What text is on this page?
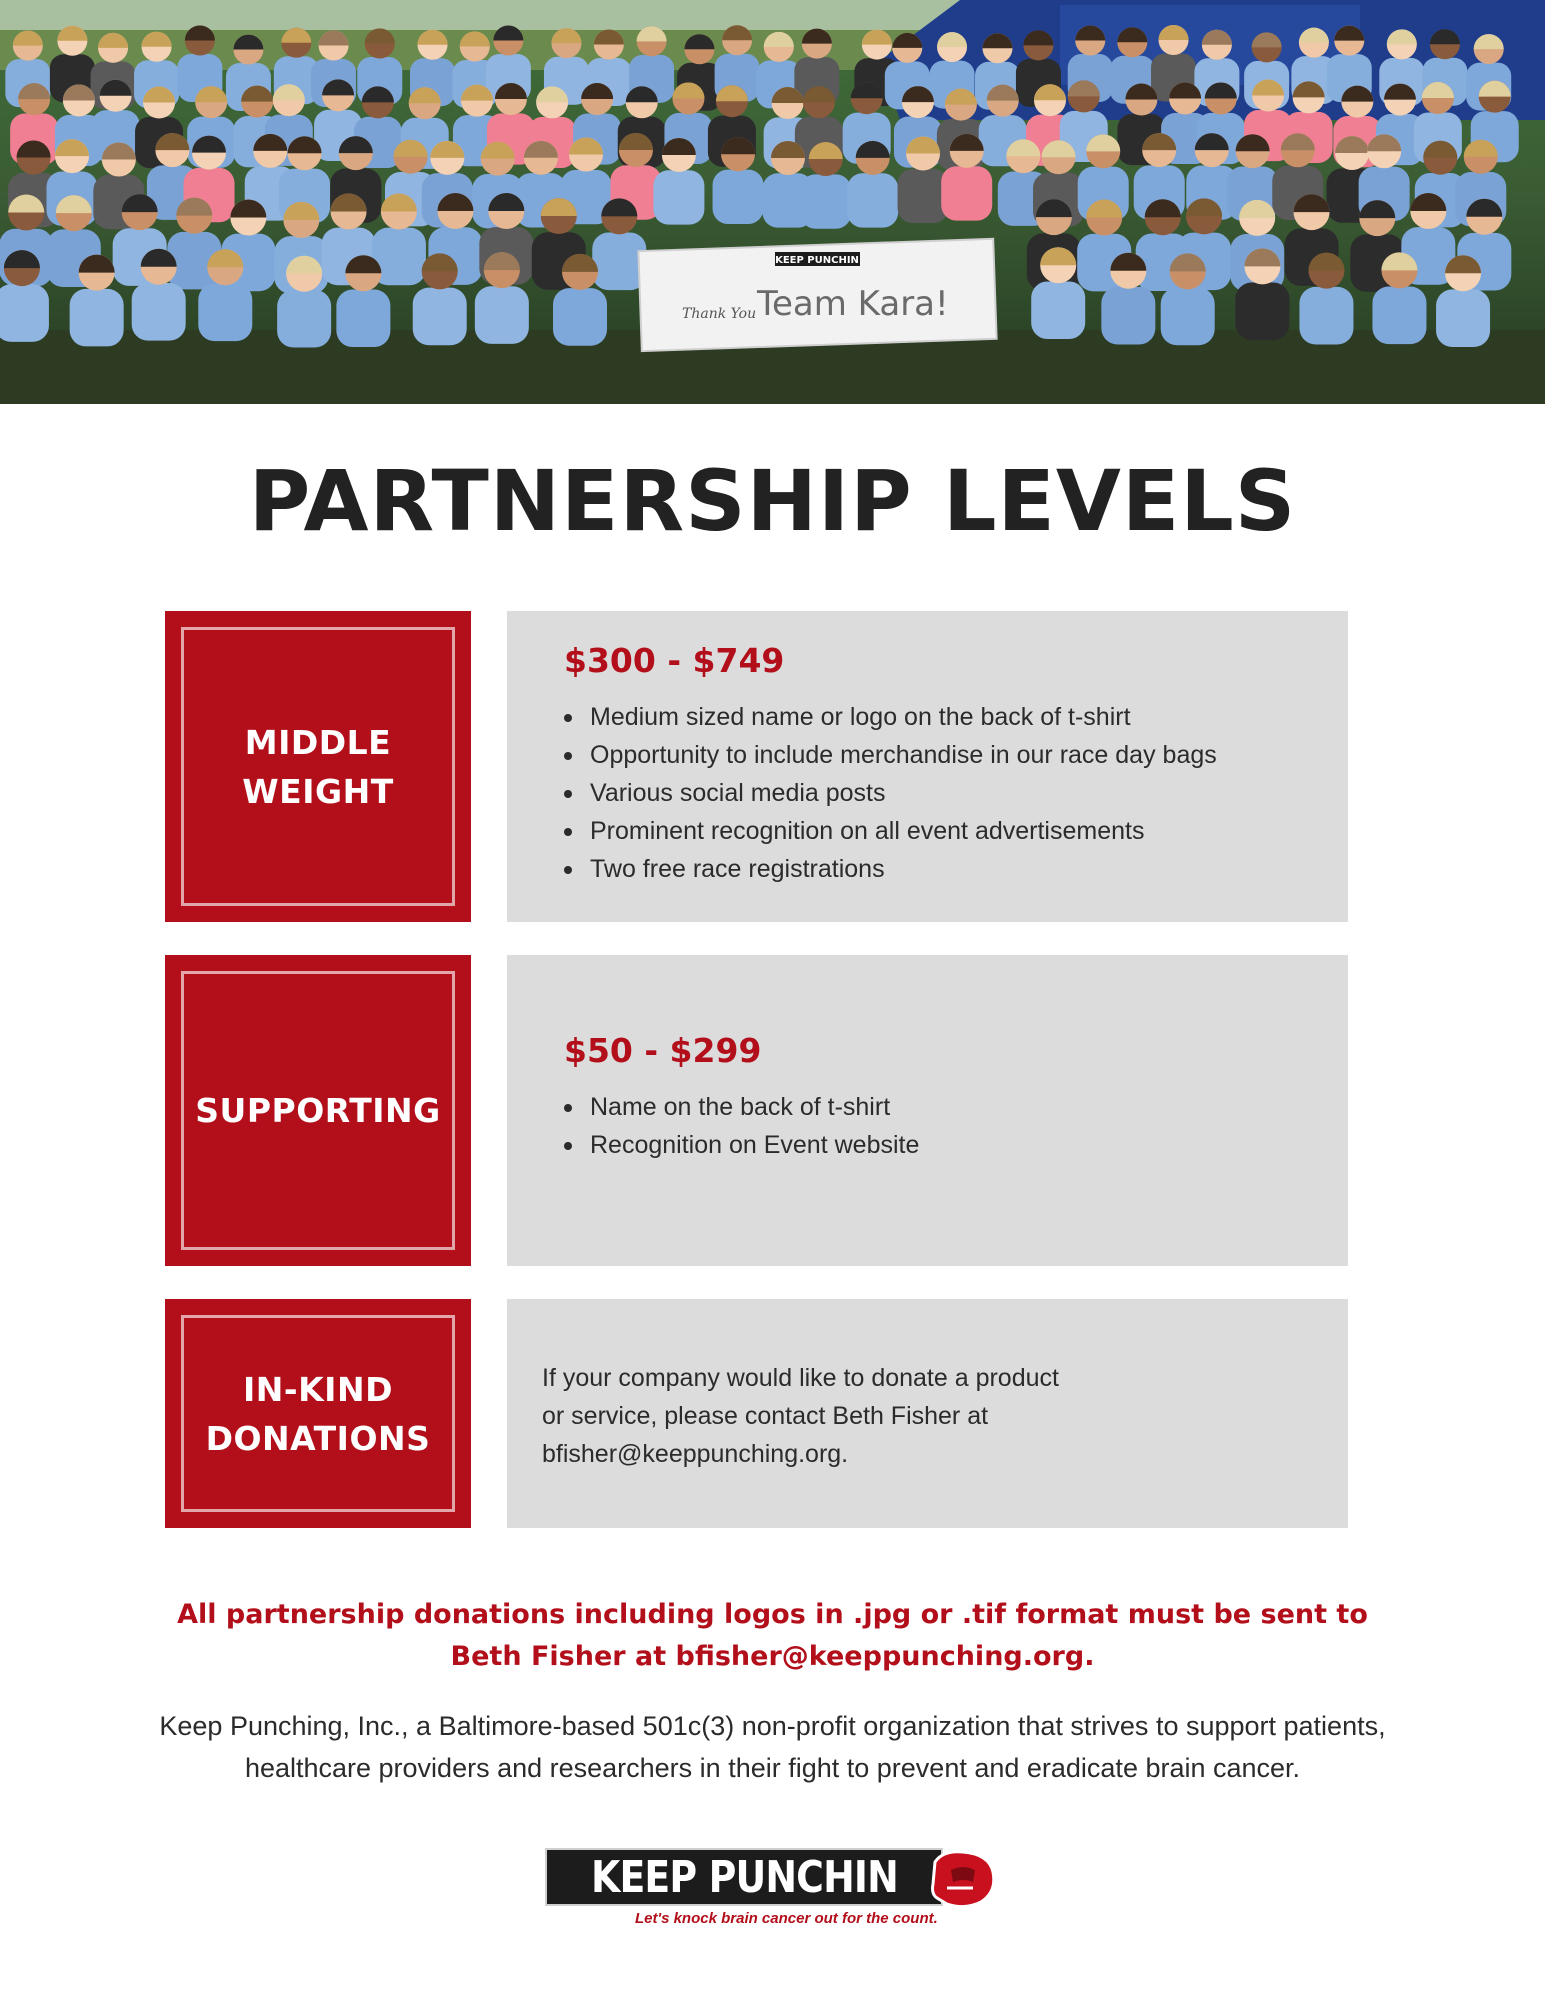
KEEP PUNCHIN
Thank You Team Kara!
PARTNERSHIP LEVELS
MIDDLE
WEIGHT
$300 - $749
Medium sized name or logo on the back of t-shirt
Opportunity to include merchandise in our race day bags
Various social media posts
Prominent recognition on all event advertisements
Two free race registrations
SUPPORTING
$50 - $299
Name on the back of t-shirt
Recognition on Event website
IN-KIND
DONATIONS
If your company would like to donate a product
or service, please contact Beth Fisher at
bfisher@keeppunching.org.
All partnership donations including logos in .jpg or .tif format must be sent to
Beth Fisher at bfisher@keeppunching.org.
Keep Punching, Inc., a Baltimore-based 501c(3) non-profit organization that strives to support patients,
healthcare providers and researchers in their fight to prevent and eradicate brain cancer.
KEEP PUNCHIN
Let's knock brain cancer out for the count.
